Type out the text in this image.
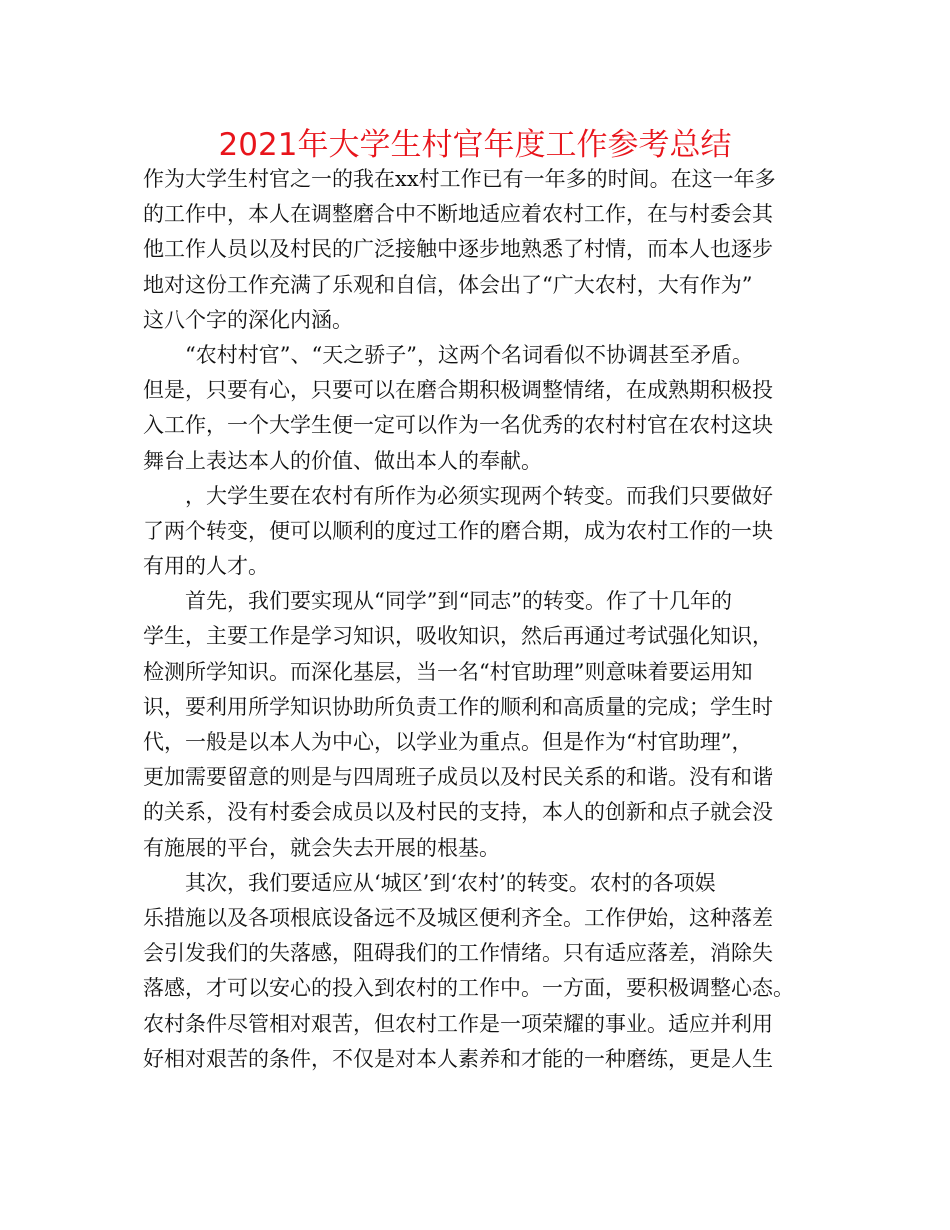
2021年大学生村官年度工作参考总结
作为大学生村官之一的我在xx村工作已有一年多的时间。在这一年多
的工作中，本人在调整磨合中不断地适应着农村工作，在与村委会其
他工作人员以及村民的广泛接触中逐步地熟悉了村情，而本人也逐步
地对这份工作充满了乐观和自信，体会出了“广大农村，大有作为”
这八个字的深化内涵。
“农村村官”、“天之骄子”，这两个名词看似不协调甚至矛盾。
但是，只要有心，只要可以在磨合期积极调整情绪，在成熟期积极投
入工作，一个大学生便一定可以作为一名优秀的农村村官在农村这块
舞台上表达本人的价值、做出本人的奉献。
，大学生要在农村有所作为必须实现两个转变。而我们只要做好
了两个转变，便可以顺利的度过工作的磨合期，成为农村工作的一块
有用的人才。
首先，我们要实现从“同学”到“同志”的转变。作了十几年的
学生，主要工作是学习知识，吸收知识，然后再通过考试强化知识，
检测所学知识。而深化基层，当一名“村官助理”则意味着要运用知
识，要利用所学知识协助所负责工作的顺利和高质量的完成；学生时
代，一般是以本人为中心，以学业为重点。但是作为“村官助理”，
更加需要留意的则是与四周班子成员以及村民关系的和谐。没有和谐
的关系，没有村委会成员以及村民的支持，本人的创新和点子就会没
有施展的平台，就会失去开展的根基。
其次，我们要适应从‘城区’到‘农村’的转变。农村的各项娱
乐措施以及各项根底设备远不及城区便利齐全。工作伊始，这种落差
会引发我们的失落感，阻碍我们的工作情绪。只有适应落差，消除失
落感，才可以安心的投入到农村的工作中。一方面，要积极调整心态。
农村条件尽管相对艰苦，但农村工作是一项荣耀的事业。适应并利用
好相对艰苦的条件，不仅是对本人素养和才能的一种磨练，更是人生
